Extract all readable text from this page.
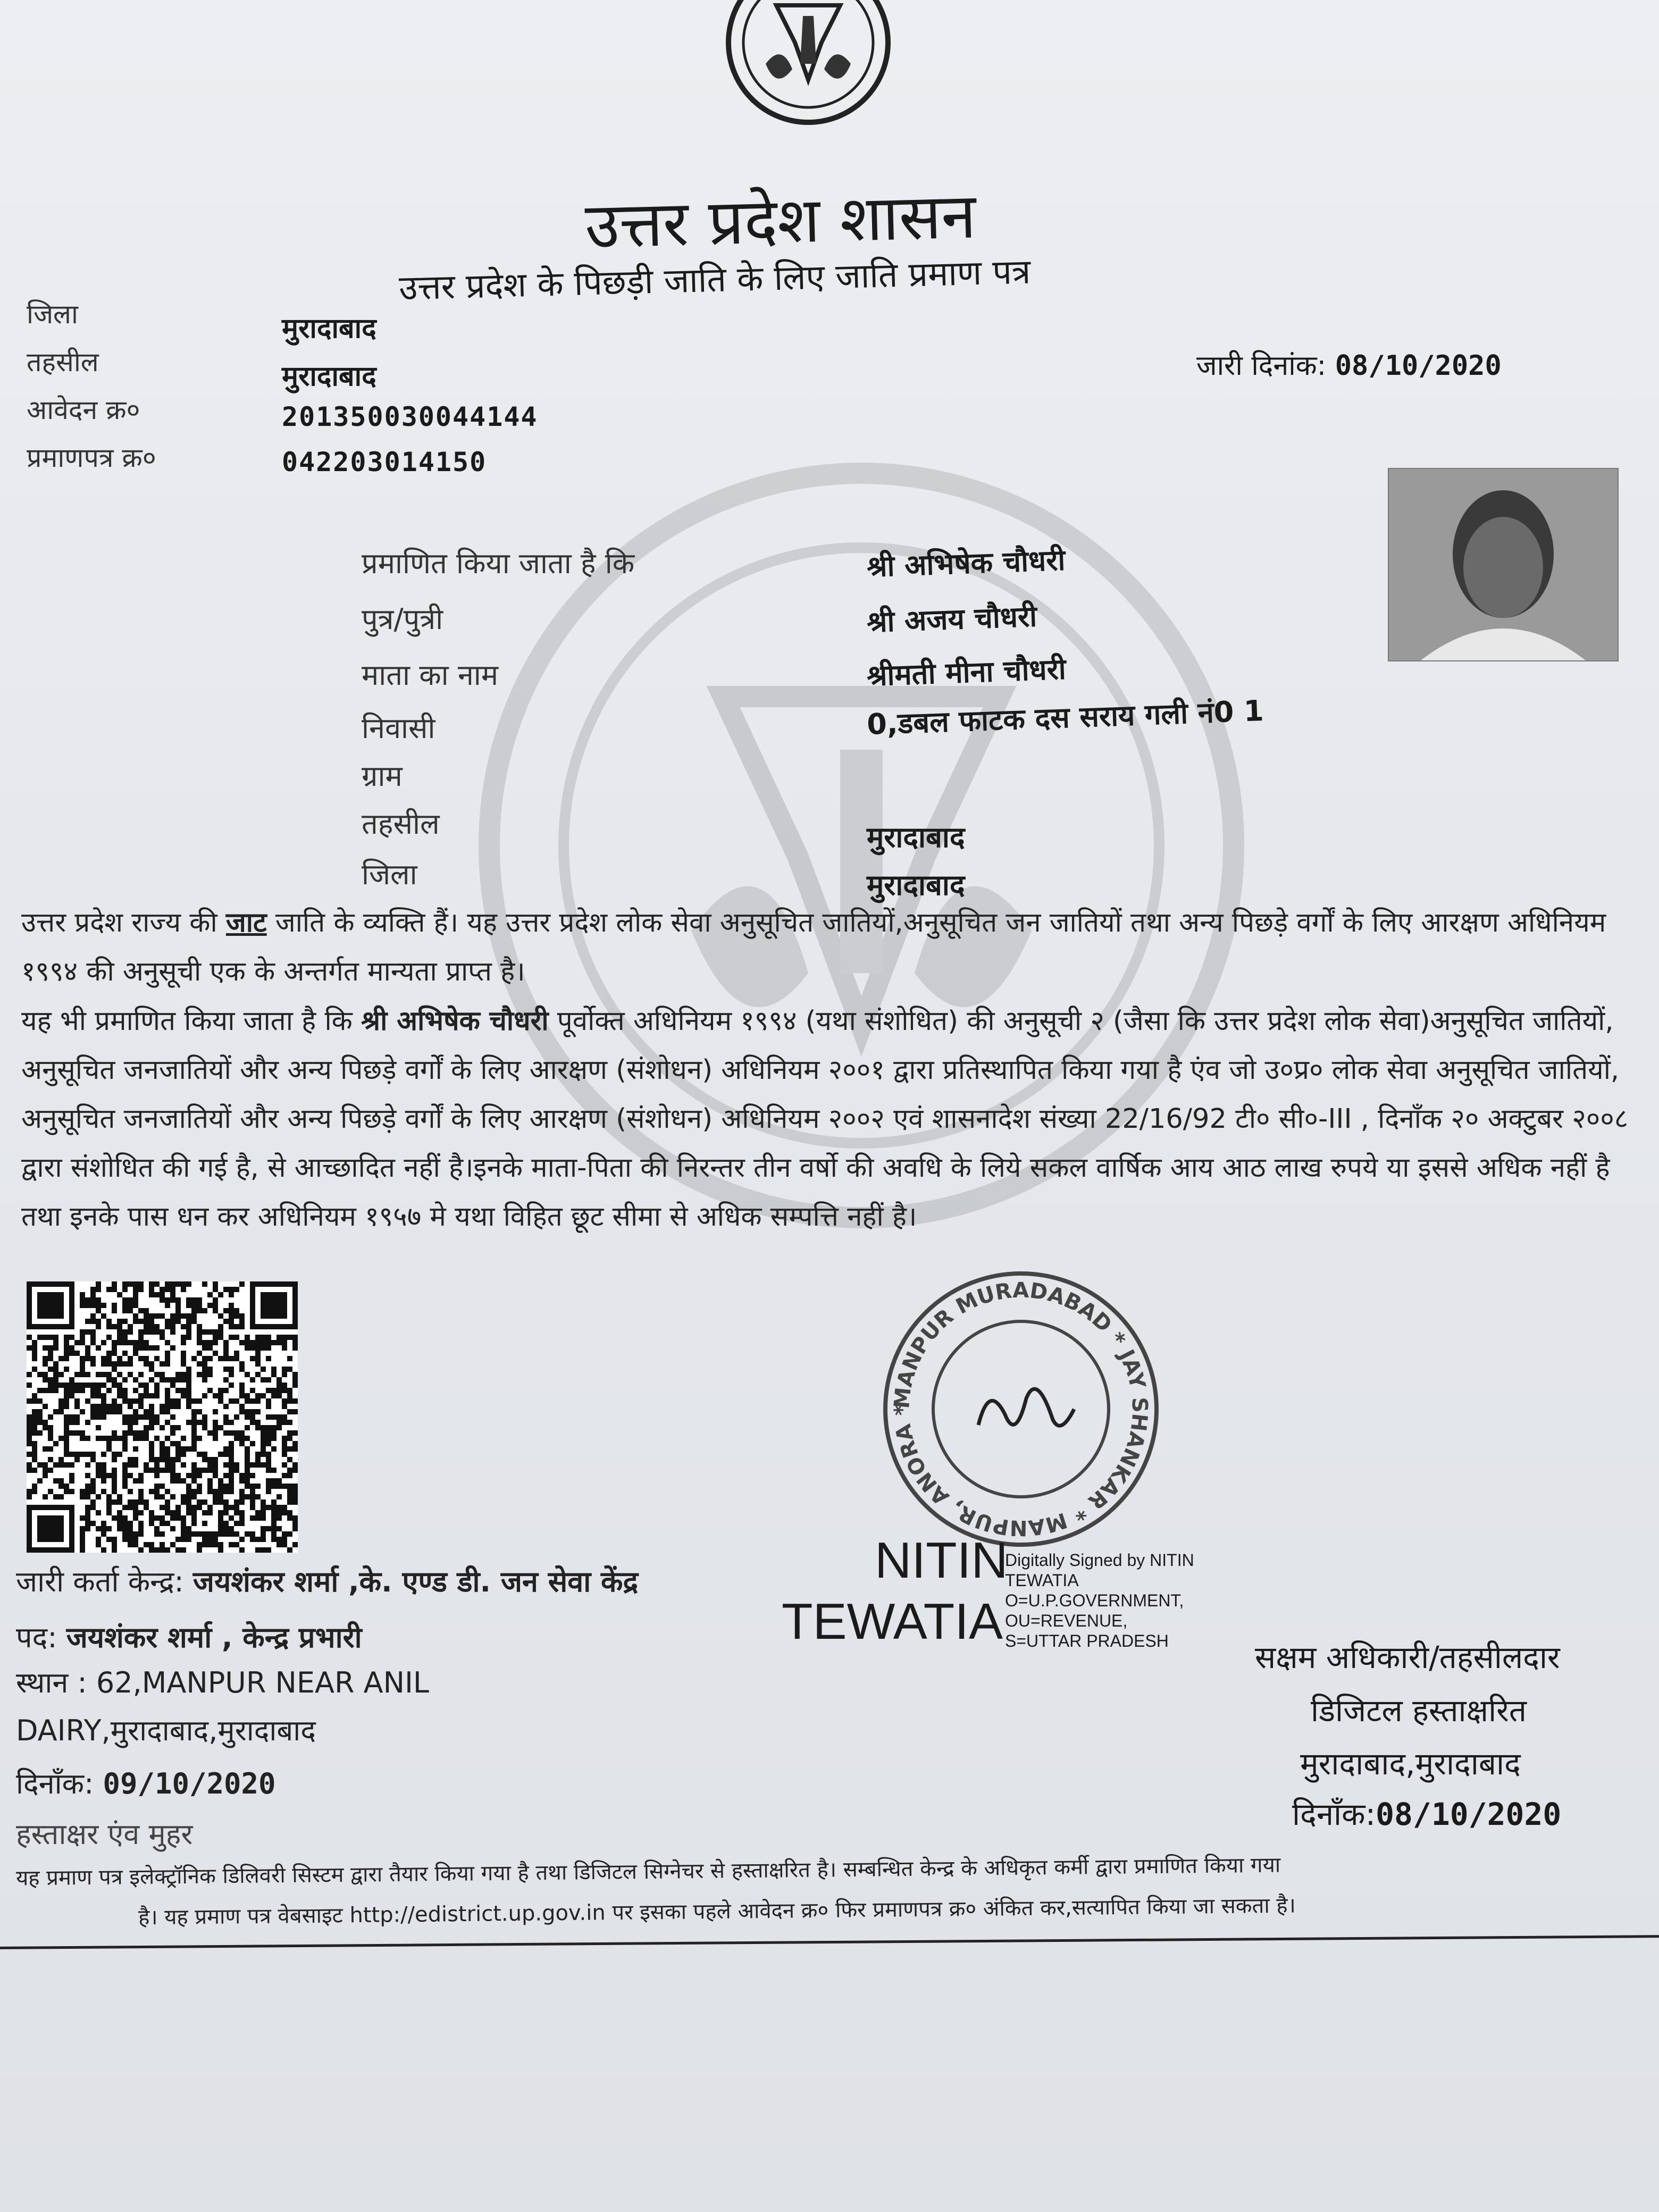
उत्तर प्रदेश शासन
उत्तर प्रदेश के पिछड़ी जाति के लिए जाति प्रमाण पत्र
जिला	मुरादाबाद
तहसील	मुरादाबाद
आवेदन क्र०	201350030044144
प्रमाणपत्र क्र०	042203014150
जारी दिनांक: 08/10/2020
प्रमाणित किया जाता है कि	श्री अभिषेक चौधरी
पुत्र/पुत्री	श्री अजय चौधरी
माता का नाम	श्रीमती मीना चौधरी
निवासी	0,डबल फाटक दस सराय गली नं0 1
ग्राम
तहसील	मुरादाबाद
जिला	मुरादाबाद
उत्तर प्रदेश राज्य की जाट जाति के व्यक्ति हैं। यह उत्तर प्रदेश लोक सेवा अनुसूचित जातियों,अनुसूचित जन जातियों तथा अन्य पिछड़े वर्गों के लिए आरक्षण अधिनियम १९९४ की अनुसूची एक के अन्तर्गत मान्यता प्राप्त है।
यह भी प्रमाणित किया जाता है कि श्री अभिषेक चौधरी पूर्वोक्त अधिनियम १९९४ (यथा संशोधित) की अनुसूची २ (जैसा कि उत्तर प्रदेश लोक सेवा)अनुसूचित जातियों, अनुसूचित जनजातियों और अन्य पिछड़े वर्गों के लिए आरक्षण (संशोधन) अधिनियम २००१ द्वारा प्रतिस्थापित किया गया है एंव जो उ०प्र० लोक सेवा अनुसूचित जातियों, अनुसूचित जनजातियों और अन्य पिछड़े वर्गों के लिए आरक्षण (संशोधन) अधिनियम २००२ एवं शासनादेश संख्या 22/16/92 टी० सी०-III , दिनाँक २० अक्टुबर २००८ द्वारा संशोधित की गई है, से आच्छादित नहीं है।इनके माता-पिता की निरन्तर तीन वर्षो की अवधि के लिये सकल वार्षिक आय आठ लाख रुपये या इससे अधिक नहीं है तथा इनके पास धन कर अधिनियम १९५७ मे यथा विहित छूट सीमा से अधिक सम्पत्ति नहीं है।
MANPUR MURADABAD * JAY SHANKAR * MANPUR, ANORA *
जारी कर्ता केन्द्र: जयशंकर शर्मा ,के. एण्ड डी. जन सेवा केंद्र
पद: जयशंकर शर्मा , केन्द्र प्रभारी
स्थान : 62,MANPUR NEAR ANIL
DAIRY,मुरादाबाद,मुरादाबाद
दिनाँक: 09/10/2020
हस्ताक्षर एंव मुहर
NITIN
TEWATIA
Digitally Signed by NITIN
TEWATIA
O=U.P.GOVERNMENT,
OU=REVENUE,
S=UTTAR PRADESH	सक्षम अधिकारी/तहसीलदार
डिजिटल हस्ताक्षरित
मुरादाबाद,मुरादाबाद
दिनाँक:08/10/2020
यह प्रमाण पत्र इलेक्ट्रॉनिक डिलिवरी सिस्टम द्वारा तैयार किया गया है तथा डिजिटल सिग्नेचर से हस्ताक्षरित है। सम्बन्धित केन्द्र के अधिकृत कर्मी द्वारा प्रमाणित किया गया
है। यह प्रमाण पत्र वेबसाइट http://edistrict.up.gov.in पर इसका पहले आवेदन क्र० फिर प्रमाणपत्र क्र० अंकित कर,सत्यापित किया जा सकता है।
